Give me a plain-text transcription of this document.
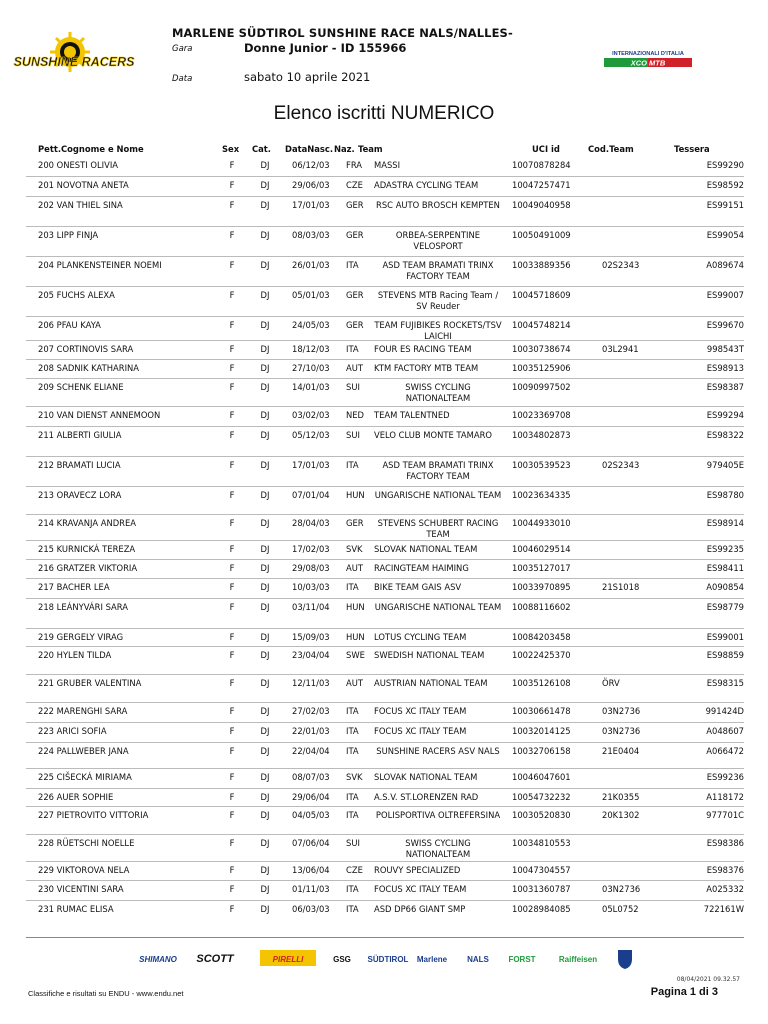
SUNSHINE RACERS
MARLENE SÜDTIROL SUNSHINE RACE NALS/NALLES-
Gara	Donne Junior - ID 155966
Data	sabato 10 aprile 2021
INTERNAZIONALI D'ITALIA
XCO MTB
Elenco iscritti NUMERICO
Pett.Cognome e Nome	Sex Cat. DataNasc. Naz. Team	UCI id	Cod.Team	Tessera
200 ONESTI OLIVIA	F	DJ	06/12/03 FRA MASSI	10070878284	ES99290
201 NOVOTNA ANETA	F	DJ	29/06/03 CZE ADASTRA CYCLING TEAM	10047257471	ES98592
202 VAN THIEL SINA	F	DJ	17/01/03 GER RSC AUTO BROSCH KEMPTEN 10049040958	ES99151
203 LIPP FINJA	F	DJ	08/03/03 GER	ORBEA-SERPENTINE VELOSPORT
10050491009	ES99054
204 PLANKENSTEINER NOEMI	F	DJ	26/01/03 ITA	ASD TEAM BRAMATI TRINX FACTORY TEAM
10033889356	02S2343	A089674
205 FUCHS ALEXA	F	DJ	05/01/03 GER	STEVENS MTB Racing Team / SV Reuder
10045718609	ES99007
206 PFAU KAYA	F	DJ	24/05/03 GER TEAM FUJIBIKES ROCKETS/TSV LAICHI
10045748214	ES99670
207 CORTINOVIS SARA	F	DJ	18/12/03 ITA FOUR ES RACING TEAM	10030738674	03L2941	998543T
208 SADNIK KATHARINA	F	DJ	27/10/03 AUT KTM FACTORY MTB TEAM	10035125906	ES98913
209 SCHENK ELIANE	F	DJ	14/01/03 SUI	SWISS CYCLING NATIONALTEAM
10090997502	ES98387
210 VAN DIENST ANNEMOON	F	DJ	03/02/03 NED TEAM TALENTNED	10023369708	ES99294
211 ALBERTI GIULIA	F	DJ	05/12/03 SUI VELO CLUB MONTE TAMARO	10034802873	ES98322
212 BRAMATI LUCIA	F	DJ	17/01/03 ITA	ASD TEAM BRAMATI TRINX FACTORY TEAM
10030539523	02S2343	979405E
213 ORAVECZ LORA	F	DJ	07/01/04 HUN UNGARISCHE NATIONAL TEAM 10023634335	ES98780
214 KRAVANJA ANDREA	F	DJ	28/04/03 GER	STEVENS SCHUBERT RACING TEAM
10044933010	ES98914
215 KURNICKÁ TEREZA	F	DJ	17/02/03 SVK SLOVAK NATIONAL TEAM	10046029514	ES99235
216 GRATZER VIKTORIA	F	DJ	29/08/03 AUT RACINGTEAM HAIMING	10035127017	ES98411
217 BACHER LEA	F	DJ	10/03/03 ITA BIKE TEAM GAIS ASV	10033970895	21S1018	A090854
218 LEÁNYVÁRI SARA	F	DJ	03/11/04 HUN UNGARISCHE NATIONAL TEAM 10088116602	ES98779
219 GERGELY VIRAG	F	DJ	15/09/03 HUN LOTUS CYCLING TEAM	10084203458	ES99001
220 HYLEN TILDA	F	DJ	23/04/04 SWE SWEDISH NATIONAL TEAM	10022425370	ES98859
221 GRUBER VALENTINA	F	DJ	12/11/03 AUT AUSTRIAN NATIONAL TEAM	10035126108	ÖRV	ES98315
222 MARENGHI SARA	F	DJ	27/02/03 ITA FOCUS XC ITALY TEAM	10030661478	03N2736	991424D
223 ARICI SOFIA	F	DJ	22/01/03 ITA FOCUS XC ITALY TEAM	10032014125	03N2736	A048607
224 PALLWEBER JANA	F	DJ	22/04/04 ITA SUNSHINE RACERS ASV NALS 10032706158	21E0404	A066472
225 CIŠECKÁ MIRIAMA	F	DJ	08/07/03 SVK SLOVAK NATIONAL TEAM	10046047601	ES99236
226 AUER SOPHIE	F	DJ	29/06/04 ITA A.S.V. ST.LORENZEN RAD	10054732232	21K0355	A118172
227 PIETROVITO VITTORIA	F	DJ	04/05/03 ITA POLISPORTIVA OLTREFERSINA 10030520830	20K1302	977701C
228 RÜETSCHI NOELLE	F	DJ	07/06/04 SUI	SWISS CYCLING NATIONALTEAM
10034810553	ES98386
229 VIKTOROVA NELA	F	DJ	13/06/04 CZE ROUVY SPECIALIZED	10047304557	ES98376
230 VICENTINI SARA	F	DJ	01/11/03 ITA FOCUS XC ITALY TEAM	10031360787	03N2736	A025332
231 RUMAC ELISA	F	DJ	06/03/03 ITA ASD DP66 GIANT SMP	10028984085	05L0752	722161W
SHIMANO SCOTT	PIRELLI	GSG SÜDTIROL Marlene NALS FORST	Raiffeisen
08/04/2021 09.32.57
Classifiche e risultati su ENDU - www.endu.net	Pagina 1 di 3
